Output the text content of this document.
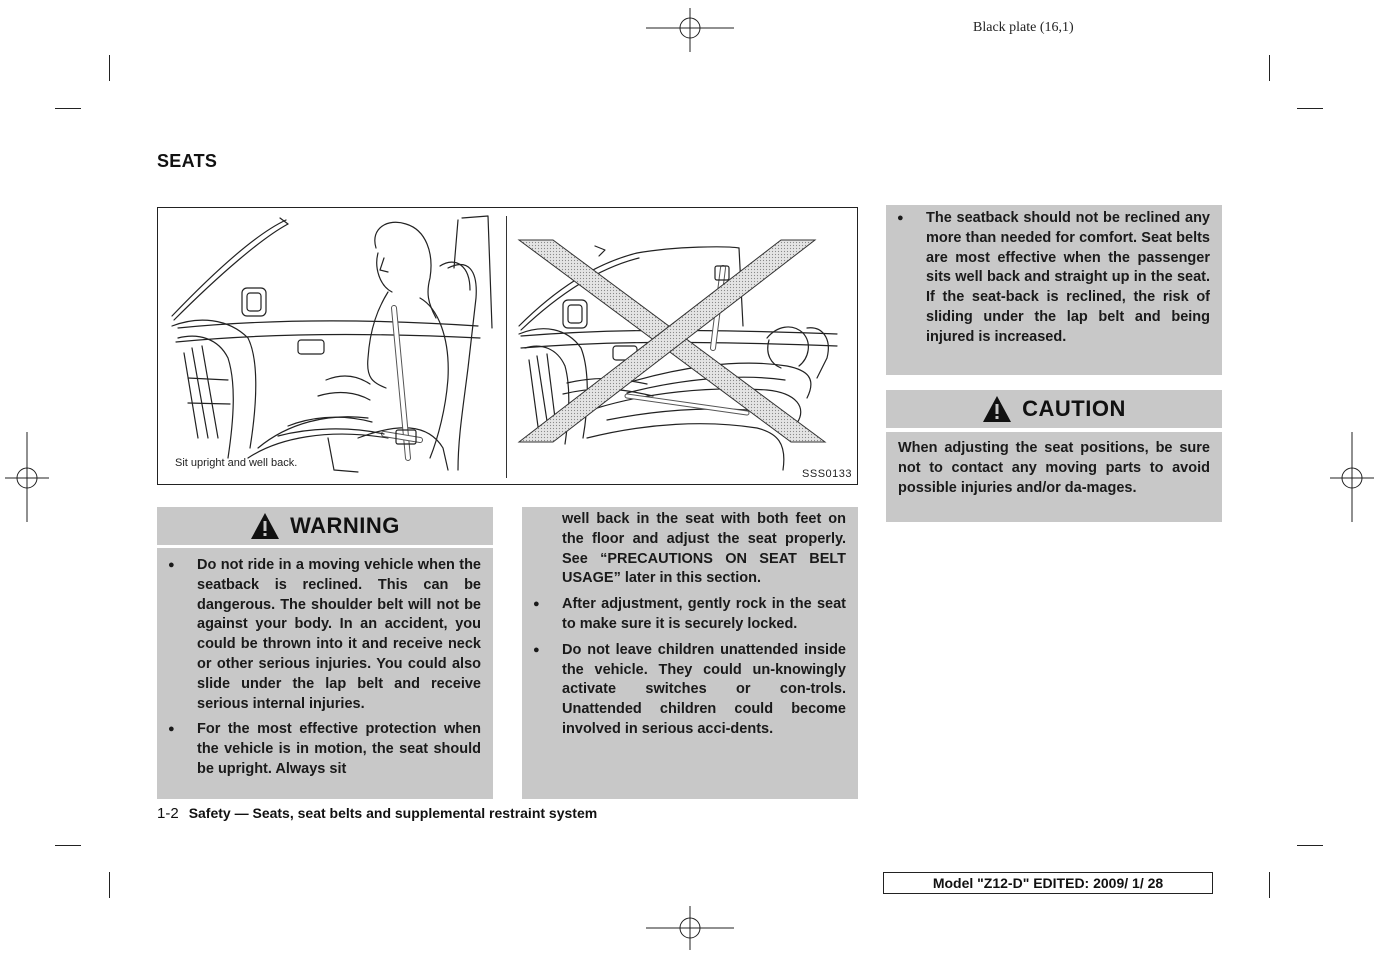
Black plate (16,1)
SEATS
Sit upright and well back.
SSS0133
WARNING
● Do not ride in a moving vehicle when the seatback is reclined. This can be dangerous. The shoulder belt will not be against your body. In an accident, you could be thrown into it and receive neck or other serious injuries. You could also slide under the lap belt and receive serious internal injuries.
● For the most effective protection when the vehicle is in motion, the seat should be upright. Always sit
well back in the seat with both feet on the floor and adjust the seat properly. See “PRECAUTIONS ON SEAT BELT USAGE” later in this section.
● After adjustment, gently rock in the seat to make sure it is securely locked.
● Do not leave children unattended inside the vehicle. They could un-knowingly activate switches or con-trols. Unattended children could become involved in serious acci-dents.
● The seatback should not be reclined any more than needed for comfort. Seat belts are most effective when the passenger sits well back and straight up in the seat. If the seat-back is reclined, the risk of sliding under the lap belt and being injured is increased.
CAUTION
When adjusting the seat positions, be sure not to contact any moving parts to avoid possible injuries and/or da-mages.
1-2 Safety — Seats, seat belts and supplemental restraint system
Model "Z12-D" EDITED: 2009/ 1/ 28
